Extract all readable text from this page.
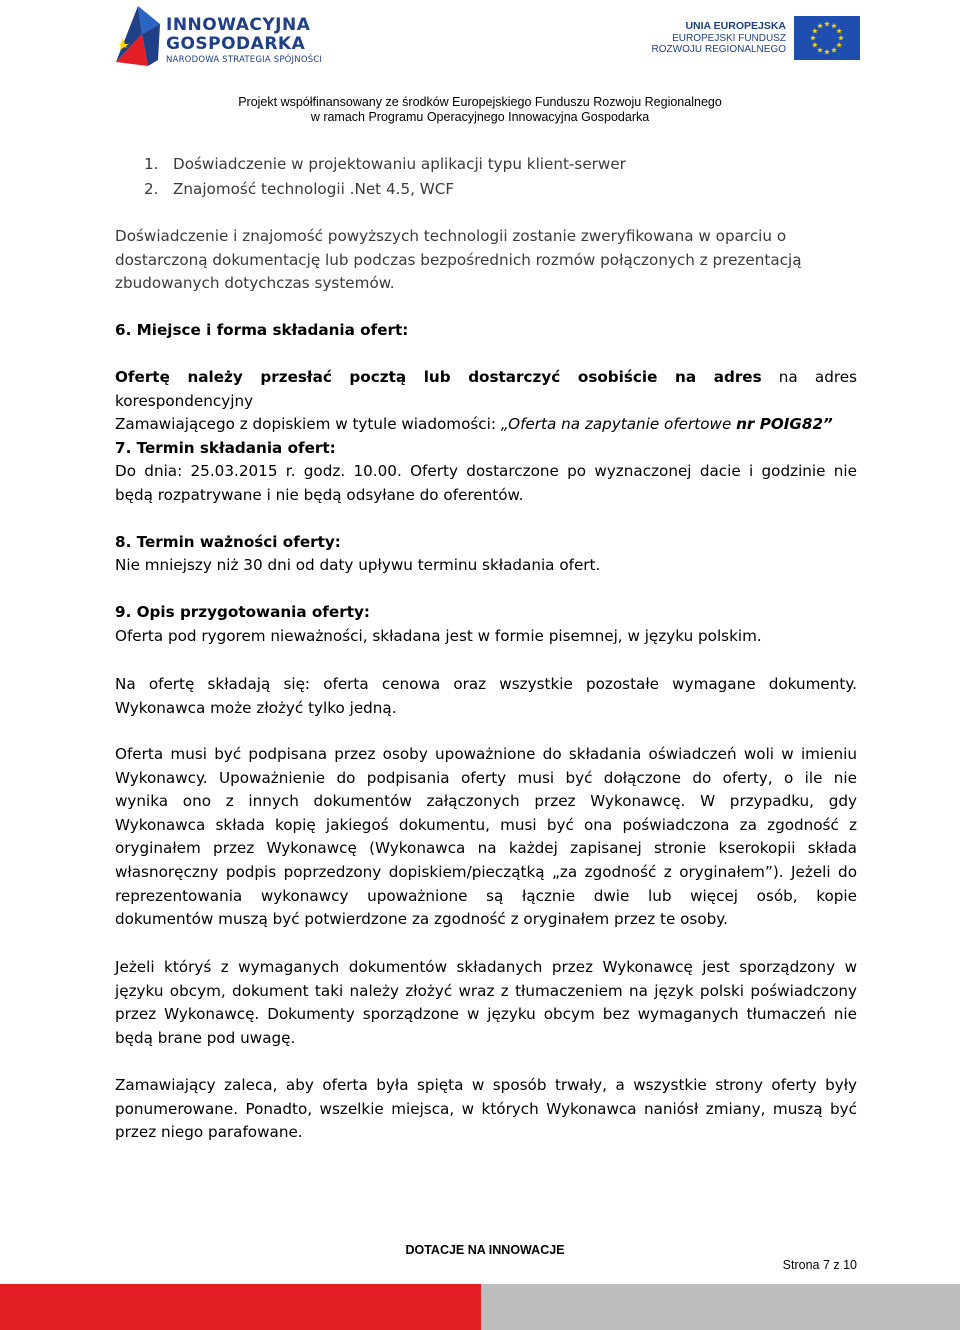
INNOWACYJNA
GOSPODARKA
NARODOWA STRATEGIA SPÓJNOŚCI
UNIA EUROPEJSKA
EUROPEJSKI FUNDUSZ
ROZWOJU REGIONALNEGO
Projekt współfinansowany ze środków Europejskiego Funduszu Rozwoju Regionalnego
w ramach Programu Operacyjnego Innowacyjna Gospodarka
1. Doświadczenie w projektowaniu aplikacji typu klient-serwer
2. Znajomość technologii .Net 4.5, WCF
Doświadczenie i znajomość powyższych technologii zostanie zweryfikowana w oparciu o
dostarczoną dokumentację lub podczas bezpośrednich rozmów połączonych z prezentacją
zbudowanych dotychczas systemów.
6. Miejsce i forma składania ofert:
Ofertę należy przesłać pocztą lub dostarczyć osobiście na adres na adres korespondencyjny
Zamawiającego z dopiskiem w tytule wiadomości: „Oferta na zapytanie ofertowe nr POIG82”
7. Termin składania ofert:
Do dnia: 25.03.2015 r. godz. 10.00. Oferty dostarczone po wyznaczonej dacie i godzinie nie
będą rozpatrywane i nie będą odsyłane do oferentów.
8. Termin ważności oferty:
Nie mniejszy niż 30 dni od daty upływu terminu składania ofert.
9. Opis przygotowania oferty:
Oferta pod rygorem nieważności, składana jest w formie pisemnej, w języku polskim.
Na ofertę składają się: oferta cenowa oraz wszystkie pozostałe wymagane dokumenty.
Wykonawca może złożyć tylko jedną.
Oferta musi być podpisana przez osoby upoważnione do składania oświadczeń woli w imieniu
Wykonawcy. Upoważnienie do podpisania oferty musi być dołączone do oferty, o ile nie
wynika ono z innych dokumentów załączonych przez Wykonawcę. W przypadku, gdy
Wykonawca składa kopię jakiegoś dokumentu, musi być ona poświadczona za zgodność z
oryginałem przez Wykonawcę (Wykonawca na każdej zapisanej stronie kserokopii składa
własnoręczny podpis poprzedzony dopiskiem/pieczątką „za zgodność z oryginałem”). Jeżeli do
reprezentowania wykonawcy upoważnione są łącznie dwie lub więcej osób, kopie
dokumentów muszą być potwierdzone za zgodność z oryginałem przez te osoby.
Jeżeli któryś z wymaganych dokumentów składanych przez Wykonawcę jest sporządzony w
języku obcym, dokument taki należy złożyć wraz z tłumaczeniem na język polski poświadczony
przez Wykonawcę. Dokumenty sporządzone w języku obcym bez wymaganych tłumaczeń nie
będą brane pod uwagę.
Zamawiający zaleca, aby oferta była spięta w sposób trwały, a wszystkie strony oferty były
ponumerowane. Ponadto, wszelkie miejsca, w których Wykonawca naniósł zmiany, muszą być
przez niego parafowane.
DOTACJE NA INNOWACJE
Strona 7 z 10
